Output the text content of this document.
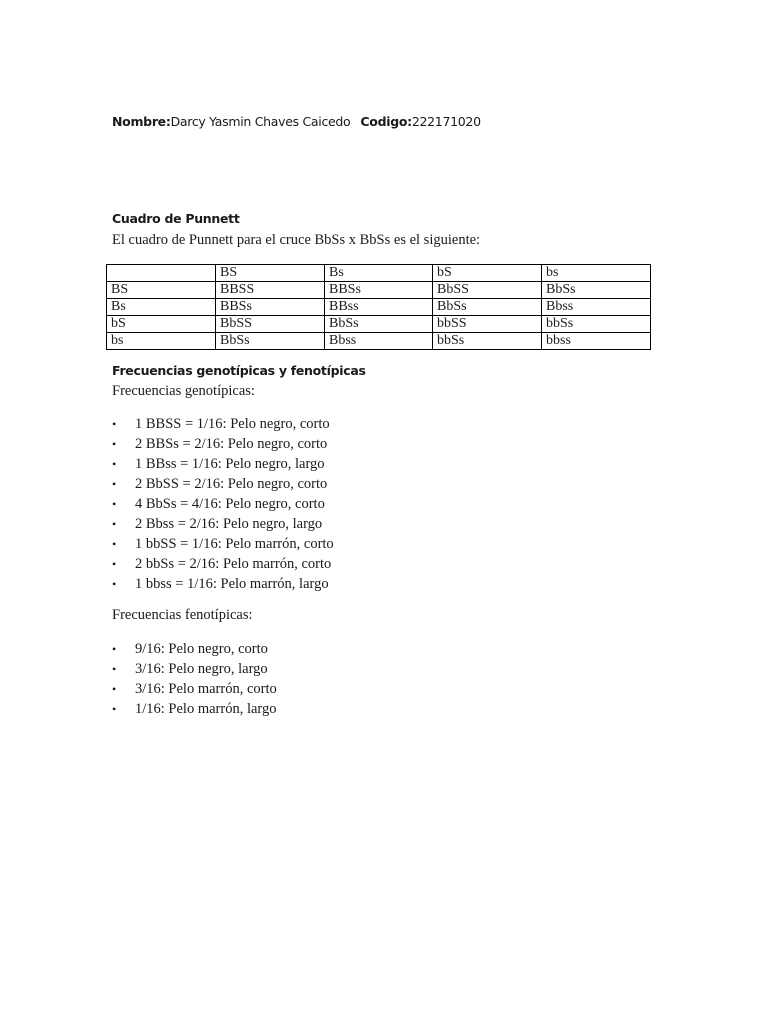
Nombre:Darcy Yasmin Chaves Caicedo Codigo:222171020
Cuadro de Punnett
El cuadro de Punnett para el cruce BbSs x BbSs es el siguiente:
	BS	Bs	bS	bs
BS	BBSS	BBSs	BbSS	BbSs
Bs	BBSs	BBss	BbSs	Bbss
bS	BbSS	BbSs	bbSS	bbSs
bs	BbSs	Bbss	bbSs	bbss
Frecuencias genotípicas y fenotípicas
Frecuencias genotípicas:
• 1 BBSS = 1/16: Pelo negro, corto
• 2 BBSs = 2/16: Pelo negro, corto
• 1 BBss = 1/16: Pelo negro, largo
• 2 BbSS = 2/16: Pelo negro, corto
• 4 BbSs = 4/16: Pelo negro, corto
• 2 Bbss = 2/16: Pelo negro, largo
• 1 bbSS = 1/16: Pelo marrón, corto
• 2 bbSs = 2/16: Pelo marrón, corto
• 1 bbss = 1/16: Pelo marrón, largo
Frecuencias fenotípicas:
• 9/16: Pelo negro, corto
• 3/16: Pelo negro, largo
• 3/16: Pelo marrón, corto
• 1/16: Pelo marrón, largo
